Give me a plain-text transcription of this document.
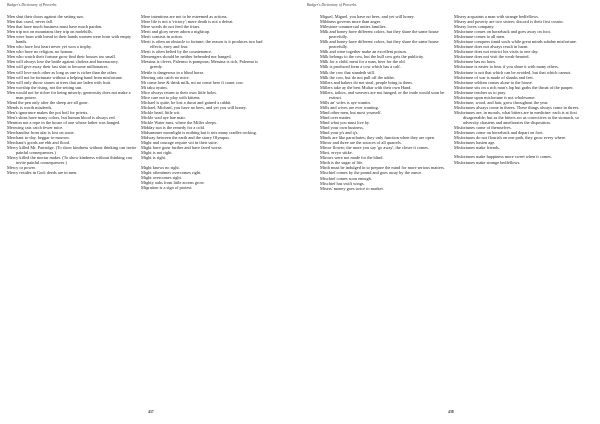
Badger's Dictionary of Proverbs
Men shut their doors against the setting sun.
Men that crawl, never fall.
Men that have much business must have much pardon.
Men trip not on mountains they trip on molehills.
Men were born with bread in their hands women were born with empty hands.
Men who have lost heart never yet won a trophy.
Men who have no religion, no honour.
Men who watch their fortune grow find their houses too small.
Men will always lose the battle against cholera and bureaucracy.
Men will give away their last shirt to become millionaires.
Men will love each other as long as one is richer than the other.
Men will not be fortunate without a helping hand from misfortune.
Men will only throw stones at trees that are laden with fruit.
Men worship the rising, not the setting sun.
Men would not be richer for being miserly; generosity does not make a man poorer.
Mend the pen only after the sheep are all gone.
Mends is worth misdeeds.
Men's ignorance makes the pot boil for priests.
Men's skins have many colors, but human blood is always red.
Mention not a rope in the house of one whose father was hanged.
Meowing cats catch fewer mice.
Merchandise from afar is lost on route.
Merchant to-day, beggar to-morrow.
Merchant's goods are ebb and flood.
Mercy killed Mr. Partridge. (To show kindness without thinking can invite painful consequences.)
Mercy killed the mortar maker. (To show kindness without thinking can invite painful consequences.)
Mercy or power.
Mercy resides in God; deeds are in men.
Mere intentions are not to be esteemed as actions.
Mere life is not a 'victory'; mere death is not a defeat.
Mere words do not feed the friars.
Merit and glory never adorn a nightcap.
Merit consists in action.
Merit is often an obstacle to fortune; the reason is it produces two bad effects, envy and fear.
Merit is often belied by the countenance.
Messengers should be neither beheaded nor hanged.
Messina is clever, Palermo is pompous; Messina is rich, Palermo is greedy.
Mettle is dangerous in a blind horse.
Mewing cats catch no mice.
Mi come here & drink milk, mi no come here fi count cow.
Mi taku oyaim.
Mice always return to their own little holes.
Mice care not to play with kittens.
Michael is quite, he lost a ducat and gained a rabbit.
Michael, Michael, you have no bees, and yet you will honey.
Mickle head, little wit.
Mickle wad aye hae mair.
Mickle Water runs, where the Miller sleeps.
Midday sun is the remedy for a cold.
Midsummer moonlight is nothing but it sets many cradles rocking.
Midway between the earth and the starry Olympus.
Might and courage require wit in their suite.
Might have gone further and have fared worse.
Might is not right.
Might is right.
Might knows no right.
Might oftentimes overcomes right.
Might overcomes right.
Mighty oaks from little acorns grow.
Migration is a sign of protest.
437
Badger's Dictionary of Proverbs
Miguel, Miguel, you have no bees, and yet will honey.
Mildness governs more than anger.
Milestone commercial unites families.
Milk and honey have different colors, but they share the same house peacefully.
Milk and honey have different colors, but they share the same house peacefully.
Milk and wine together make an excellent poison.
Milk belongs to the cow, but the bull cow gets the publicity.
Milk for a child, meat for a man, beer for the old.
Milk is produced form a cow which has a calf.
Milk the cow that standeth still.
Milk the cow, but do not pull off the udder.
Millers and bakers do not steal, people bring to them.
Millers take ay the best Multar with their own Hand.
Millers, tailors, and weavers are not hanged, or the trade would soon be extinct.
Mills an' wifes is aye wantin.
Mills and wives are ever wanting.
Mind other men, but most yourself.
Mind over matter.
Mind what you must live by.
Mind your own business.
Mind your p's and q's.
Minds are like parachutes; they only function when they are open.
Mirror and three are the sources of all quarrels.
Mirror flower; the more you say 'go away', the closer it comes.
Mirri, ervyo stitke.
Mirrors were not made for the blind.
Mirth is the sugar of life.
Mirth must be indulged in to prepare the mind for more serious matters.
Mischief comes by the pound and goes away by the ounce.
Mischief comes soon enough.
Mischief has swift wings.
Misers' money goes twice to market.
Misery acquaints a man with strange bedfellows.
Misery and poverty are two sisters; discord is their first cousin.
Misery loves company.
Misfortune comes on horseback and goes away on foot.
Misfortune comes to all men.
Misfortune conquers timid souls while great minds subdue misfortune.
Misfortune does not always result in harm.
Misfortune does not restrict his visits to one day.
Misfortune does not visit the weak-hearted.
Misfortune has no horn.
Misfortune is easier to bear if you share it with many others.
Misfortune is not that which can be avoided, but that which cannot.
Misfortune of war is made of shanks and feet.
Misfortune seldom comes alone to the house.
Misfortune sits on a rich man's lap but grabs the throat of the pauper.
Misfortune teaches us to pray.
Misfortune upon misfortune is not wholesome.
Misfortune, wood, and hair, grow throughout the year.
Misfortunes always come in threes. These things always come in threes.
Misfortunes are, in morals, what bitters are in medicine: each is at first disagreeable; but as the bitters act as correctives to the stomach, so adversity chastens and ameliorates the disposition.
Misfortunes come of themselves.
Misfortunes come on horseback and depart on foot.
Misfortunes do not flourish on one path, they grow every where.
Misfortunes hasten age.
Misfortunes make friends.
Misfortunes make happiness more sweet when it comes.
Misfortunes make strange bedfellows.
438
